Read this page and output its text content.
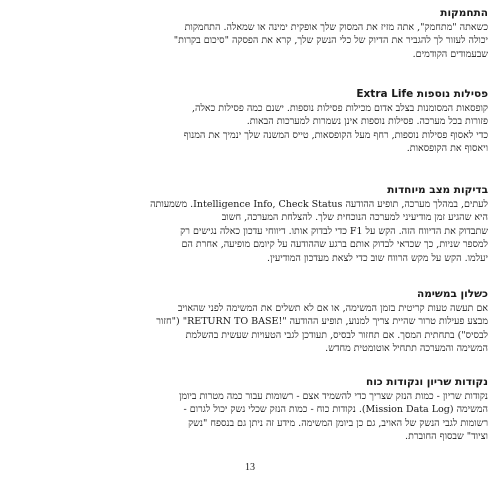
התחמקות
כשאתה "מתחמק", אתה מזיז את המסוק שלך אופקית ימינה או שמאלה. התחמקות
יכולה לעזור לך להגביר את הדיוק של כלי הנשק שלך, קרא את הפסקה "סיכום בקרות"
שבעמודים הקודמים.
פסילות נוספות Extra Life
קופסאות המסומנות בצלב אדום מכילות פסילות נוספות. ישנם כמה פסילות כאלה,
פזורות בכל מערכה. פסילות נוספות אינן נשמרות למערכות הבאות.
כדי לאסוף פסילות נוספות, רחף מעל הקופסאות, טייס המשנה שלך ינמיך את המנוף
ויאסוף את הקופסאות.
בדיקות מצב מיוחדות
לעתים, במהלך מערכה, תופיע ההודעה Intelligence Info, Check Status. משמעותה
היא שהגיע זמן מודיעיני למערכה הנוכחית שלך. להצלחת המערכה, חשוב
שתבדוק את הדיווח הזה. הקש על F1 כדי לבדוק אותו. דיווחי עדכון כאלה נגישים רק
למספר שניות, כך שכדאי לבדוק אותם ברגע שההודעה על קיומם מופיעה, אחרת הם
יעלמו. הקש על מקש הרווח שוב כדי לצאת מעדכון המודיעין.
כשלון במשימה
אם תעשה טעות קריטית בזמן המשימה, או אם לא תשלים את המשימה לפני שהאויב
מבצע פעילות טרור שהיית צריך למנוע, תופיע ההודעה "!RETURN TO BASE" ("חזור
לבסיס") בתחתית המסך. אם תחזור לבסיס, תעודכן לגבי הטעויות שעשית בהשלמת
המשימה והמערכה תתחיל אוטומטית מחדש.
נקודות שריון ונקודות כוח
נקודות שריון - כמות הנזק שצריך כדי להשמיד אצם - רשומות עבור כמה מטרות ביומן
המשימה (Mission Data Log). נקודות כוח - כמות הנזק שכלי נשק יכול לגרום -
רשומות לגבי הנשק של האויב, גם כן ביומן המשימה. מידע זה ניתן גם בנספח "נשק
וציוד" שבסוף החוברת.
13
